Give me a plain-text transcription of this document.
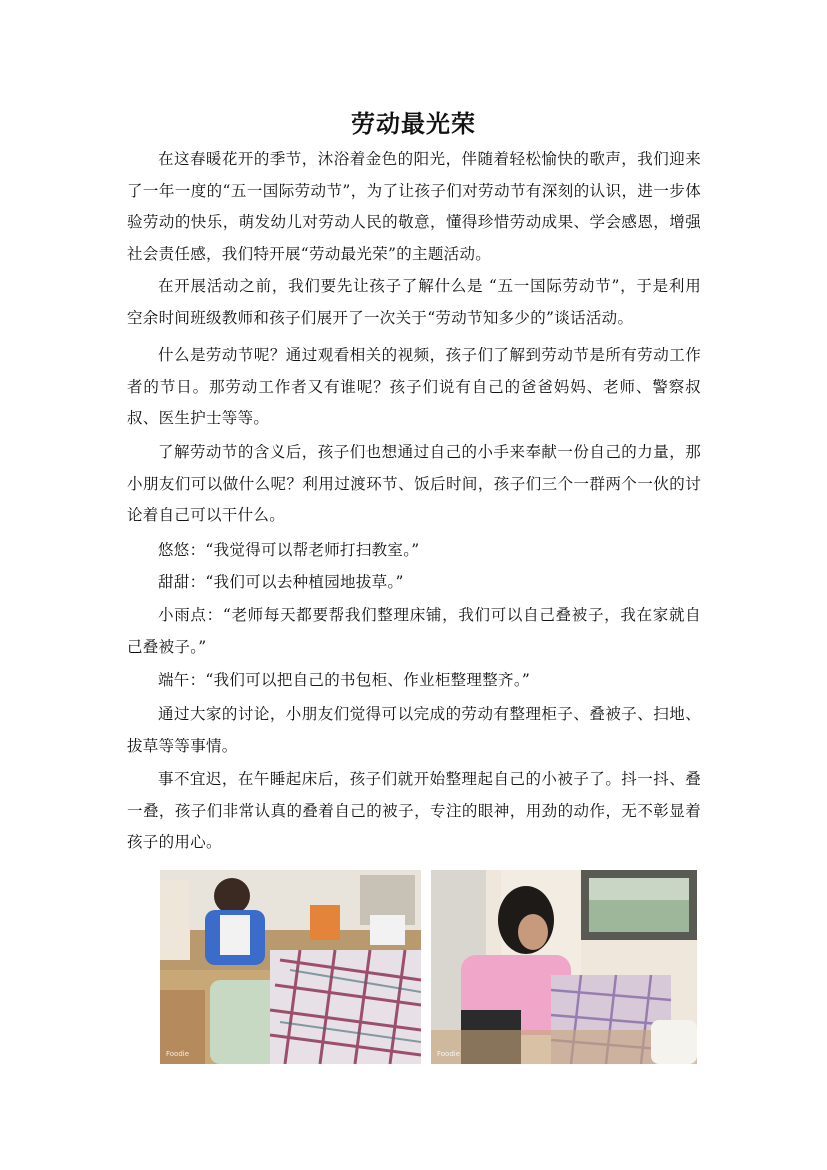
劳动最光荣

在这春暖花开的季节，沐浴着金色的阳光，伴随着轻松愉快的歌声，我们迎来了一年一度的“五一国际劳动节”，为了让孩子们对劳动节有深刻的认识，进一步体验劳动的快乐，萌发幼儿对劳动人民的敬意，懂得珍惜劳动成果、学会感恩，增强社会责任感，我们特开展“劳动最光荣”的主题活动。

在开展活动之前，我们要先让孩子了解什么是 “五一国际劳动节”，于是利用空余时间班级教师和孩子们展开了一次关于“劳动节知多少的”谈话活动。

什么是劳动节呢？通过观看相关的视频，孩子们了解到劳动节是所有劳动工作者的节日。那劳动工作者又有谁呢？孩子们说有自己的爸爸妈妈、老师、警察叔叔、医生护士等等。

了解劳动节的含义后，孩子们也想通过自己的小手来奉献一份自己的力量，那小朋友们可以做什么呢？利用过渡环节、饭后时间，孩子们三个一群两个一伙的讨论着自己可以干什么。

悠悠：“我觉得可以帮老师打扫教室。”

甜甜：“我们可以去种植园地拔草。”

小雨点：“老师每天都要帮我们整理床铺，我们可以自己叠被子，我在家就自己叠被子。”

端午：“我们可以把自己的书包柜、作业柜整理整齐。”

通过大家的讨论，小朋友们觉得可以完成的劳动有整理柜子、叠被子、扫地、拔草等等事情。

事不宜迟，在午睡起床后，孩子们就开始整理起自己的小被子了。抖一抖、叠一叠，孩子们非常认真的叠着自己的被子，专注的眼神，用劲的动作，无不彰显着孩子的用心。

Foodie	Foodie
